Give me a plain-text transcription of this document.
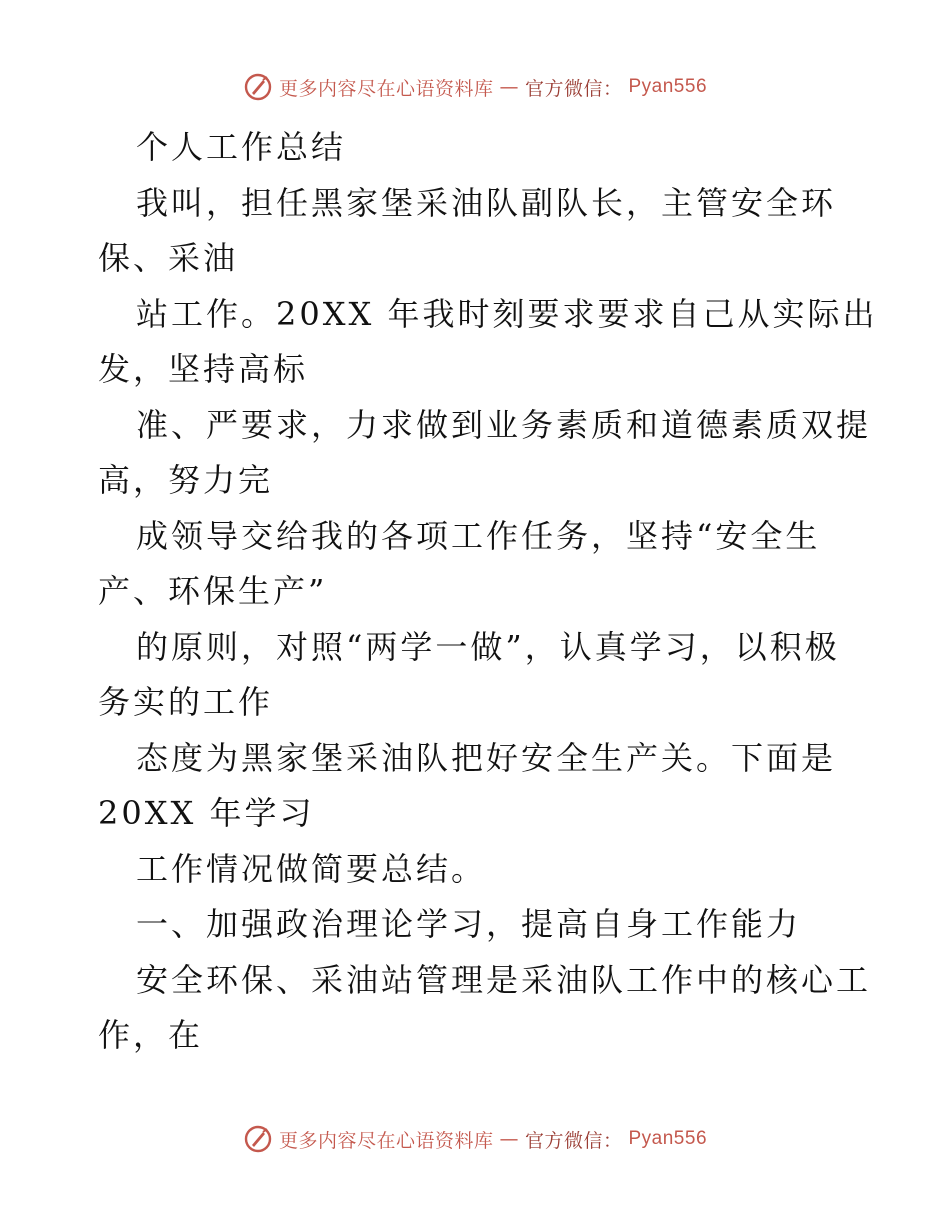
更多内容尽在心语资料库 — 官方微信： Pyan556
个人工作总结
我叫，担任黑家堡采油队副队长，主管安全环
保、采油
站工作。20XX 年我时刻要求要求自己从实际出
发，坚持高标
准、严要求，力求做到业务素质和道德素质双提
高，努力完
成领导交给我的各项工作任务，坚持“安全生
产、环保生产”
的原则，对照“两学一做”，认真学习，以积极
务实的工作
态度为黑家堡采油队把好安全生产关。下面是
20XX 年学习
工作情况做简要总结。
一、加强政治理论学习，提高自身工作能力
安全环保、采油站管理是采油队工作中的核心工
作，在
更多内容尽在心语资料库 — 官方微信： Pyan556
